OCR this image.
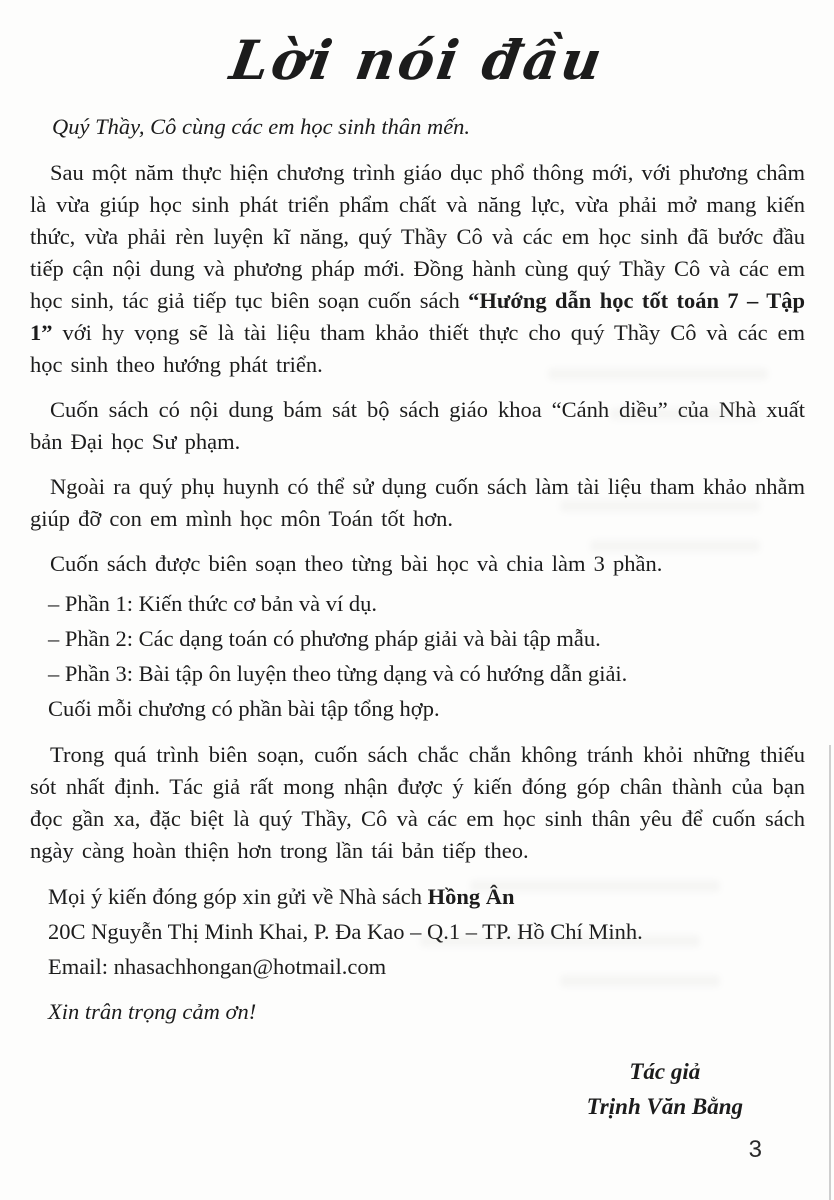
Lời nói đầu

Quý Thầy, Cô cùng các em học sinh thân mến.

Sau một năm thực hiện chương trình giáo dục phổ thông mới, với phương châm là vừa giúp học sinh phát triển phẩm chất và năng lực, vừa phải mở mang kiến thức, vừa phải rèn luyện kĩ năng, quý Thầy Cô và các em học sinh đã bước đầu tiếp cận nội dung và phương pháp mới. Đồng hành cùng quý Thầy Cô và các em học sinh, tác giả tiếp tục biên soạn cuốn sách “Hướng dẫn học tốt toán 7 – Tập 1” với hy vọng sẽ là tài liệu tham khảo thiết thực cho quý Thầy Cô và các em học sinh theo hướng phát triển.

Cuốn sách có nội dung bám sát bộ sách giáo khoa “Cánh diều” của Nhà xuất bản Đại học Sư phạm.

Ngoài ra quý phụ huynh có thể sử dụng cuốn sách làm tài liệu tham khảo nhằm giúp đỡ con em mình học môn Toán tốt hơn.

Cuốn sách được biên soạn theo từng bài học và chia làm 3 phần.

– Phần 1: Kiến thức cơ bản và ví dụ.

– Phần 2: Các dạng toán có phương pháp giải và bài tập mẫu.

– Phần 3: Bài tập ôn luyện theo từng dạng và có hướng dẫn giải.

Cuối mỗi chương có phần bài tập tổng hợp.

Trong quá trình biên soạn, cuốn sách chắc chắn không tránh khỏi những thiếu sót nhất định. Tác giả rất mong nhận được ý kiến đóng góp chân thành của bạn đọc gần xa, đặc biệt là quý Thầy, Cô và các em học sinh thân yêu để cuốn sách ngày càng hoàn thiện hơn trong lần tái bản tiếp theo.

Mọi ý kiến đóng góp xin gửi về Nhà sách Hồng Ân

20C Nguyễn Thị Minh Khai, P. Đa Kao – Q.1 – TP. Hồ Chí Minh.

Email: nhasachhongan@hotmail.com

Xin trân trọng cảm ơn!

Tác giả
Trịnh Văn Bằng
3
